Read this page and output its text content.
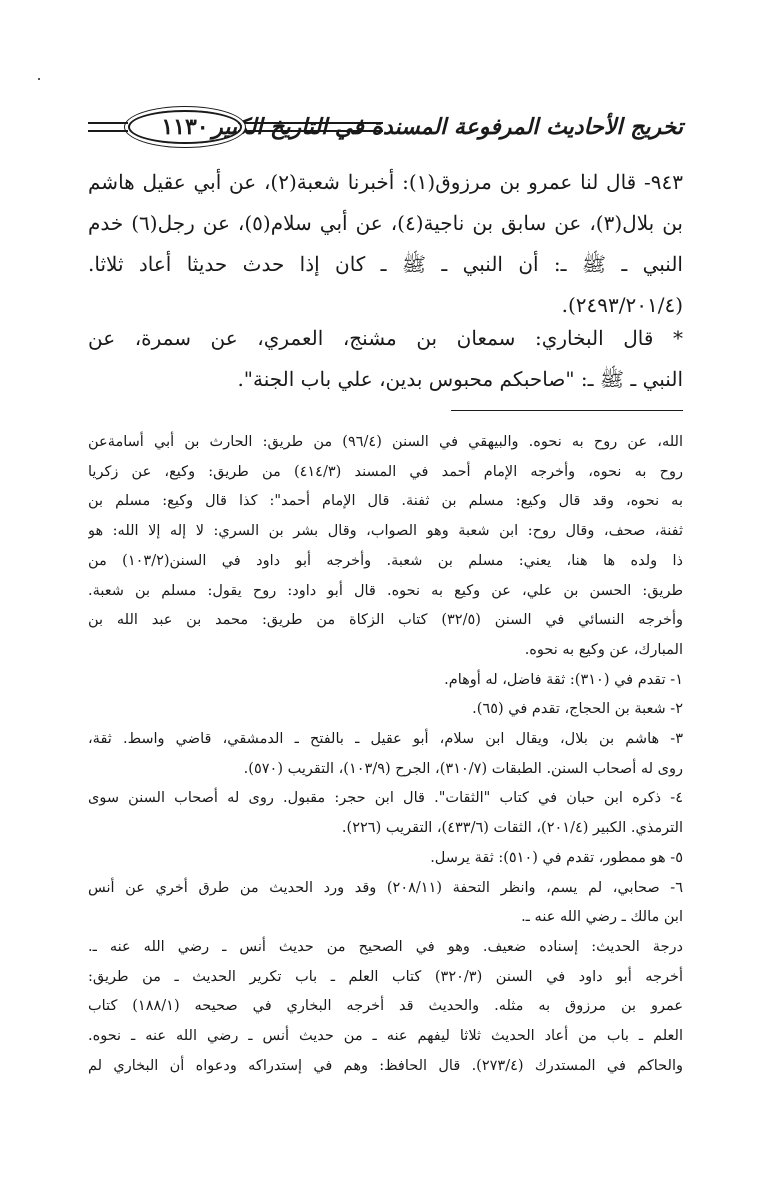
تخريج الأحاديث المرفوعة المسندة في التاريخ الكبير
١١٣٠
٩٤٣- قال لنا عمرو بن مرزوق(١): أخبرنا شعبة(٢)، عن أبي عقيل هاشم
بن بلال(٣)، عن سابق بن ناجية(٤)، عن أبي سلام(٥)، عن رجل(٦) خدم
النبي ـ ﷺ ـ: أن النبي ـ ﷺ ـ كان إذا حدث حديثا أعاد ثلاثا.
(٢٤٩٣/٢٠١/٤).
* قال البخاري: سمعان بن مشنج، العمري، عن سمرة، عن
النبي ـ ﷺ ـ: "صاحبكم محبوس بدين، علي باب الجنة".
الله، عن روح به نحوه. والبيهقي في السنن (٩٦/٤) من طريق: الحارث بن أبي أسامةعن
روح به نحوه، وأخرجه الإمام أحمد في المسند (٤١٤/٣) من طريق: وكيع، عن زكريا
به نحوه، وقد قال وكيع: مسلم بن ثفنة. قال الإمام أحمد": كذا قال وكيع: مسلم بن
ثفنة، صحف، وقال روح: ابن شعبة وهو الصواب، وقال بشر بن السري: لا إله إلا الله: هو
ذا ولده ها هنا، يعني: مسلم بن شعبة. وأخرجه أبو داود في السنن(١٠٣/٢) من
طريق: الحسن بن علي، عن وكيع به نحوه. قال أبو داود: روح يقول: مسلم بن شعبة.
وأخرجه النسائي في السنن (٣٢/٥) كتاب الزكاة من طريق: محمد بن عبد الله بن
المبارك، عن وكيع به نحوه.
١- تقدم في (٣١٠): ثقة فاضل، له أوهام.
٢- شعبة بن الحجاج، تقدم في (٦٥).
٣- هاشم بن بلال، ويقال ابن سلام، أبو عقيل ـ بالفتح ـ الدمشقي، قاضي واسط. ثقة،
روى له أصحاب السنن. الطبقات (٣١٠/٧)، الجرح (١٠٣/٩)، التقريب (٥٧٠).
٤- ذكره ابن حبان في كتاب "الثقات". قال ابن حجر: مقبول. روى له أصحاب السنن سوى
الترمذي. الكبير (٢٠١/٤)، الثقات (٤٣٣/٦)، التقريب (٢٢٦).
٥- هو ممطور، تقدم في (٥١٠): ثقة يرسل.
٦- صحابي، لم يسم، وانظر التحفة (٢٠٨/١١) وقد ورد الحديث من طرق أخري عن أنس
ابن مالك ـ رضي الله عنه ـ.
درجة الحديث: إسناده ضعيف. وهو في الصحيح من حديث أنس ـ رضي الله عنه ـ.
أخرجه أبو داود في السنن (٣٢٠/٣) كتاب العلم ـ باب تكرير الحديث ـ من طريق:
عمرو بن مرزوق به مثله. والحديث قد أخرجه البخاري في صحيحه (١٨٨/١) كتاب
العلم ـ باب من أعاد الحديث ثلاثا ليفهم عنه ـ من حديث أنس ـ رضي الله عنه ـ نحوه.
والحاكم في المستدرك (٢٧٣/٤). قال الحافظ: وهم في إستدراكه ودعواه أن البخاري لم
